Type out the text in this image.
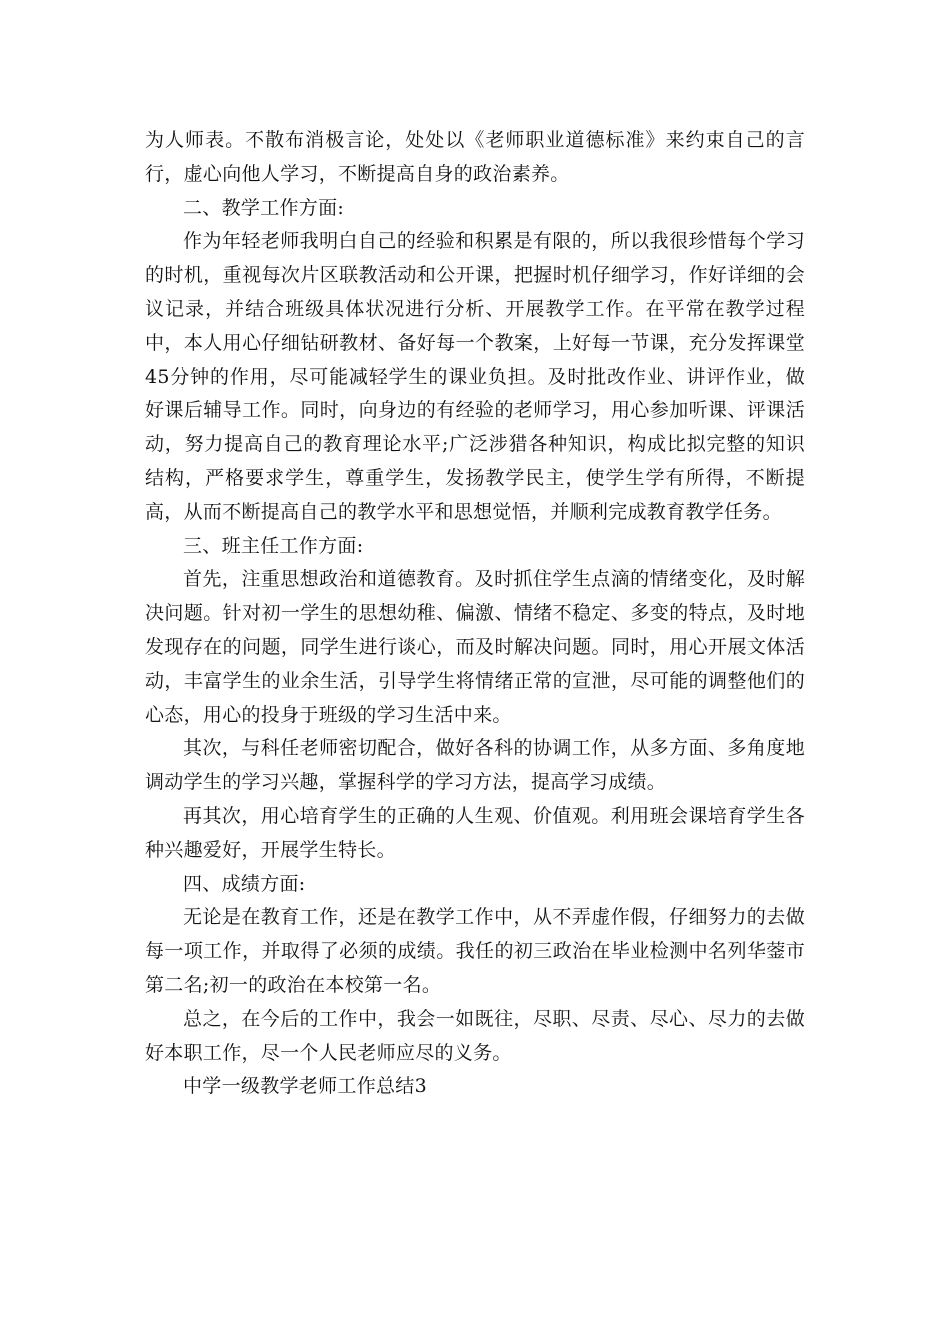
为人师表。不散布消极言论，处处以《老师职业道德标准》来约束自己的言行，虚心向他人学习，不断提高自身的政治素养。

二、教学工作方面:

作为年轻老师我明白自己的经验和积累是有限的，所以我很珍惜每个学习的时机，重视每次片区联教活动和公开课，把握时机仔细学习，作好详细的会议记录，并结合班级具体状况进行分析、开展教学工作。在平常在教学过程中，本人用心仔细钻研教材、备好每一个教案，上好每一节课，充分发挥课堂45分钟的作用，尽可能减轻学生的课业负担。及时批改作业、讲评作业，做好课后辅导工作。同时，向身边的有经验的老师学习，用心参加听课、评课活动，努力提高自己的教育理论水平;广泛涉猎各种知识，构成比拟完整的知识结构，严格要求学生，尊重学生，发扬教学民主，使学生学有所得，不断提高，从而不断提高自己的教学水平和思想觉悟，并顺利完成教育教学任务。

三、班主任工作方面:

首先，注重思想政治和道德教育。及时抓住学生点滴的情绪变化，及时解决问题。针对初一学生的思想幼稚、偏激、情绪不稳定、多变的特点，及时地发现存在的问题，同学生进行谈心，而及时解决问题。同时，用心开展文体活动，丰富学生的业余生活，引导学生将情绪正常的宣泄，尽可能的调整他们的心态，用心的投身于班级的学习生活中来。

其次，与科任老师密切配合，做好各科的协调工作，从多方面、多角度地调动学生的学习兴趣，掌握科学的学习方法，提高学习成绩。

再其次，用心培育学生的正确的人生观、价值观。利用班会课培育学生各种兴趣爱好，开展学生特长。

四、成绩方面:

无论是在教育工作，还是在教学工作中，从不弄虚作假，仔细努力的去做每一项工作，并取得了必须的成绩。我任的初三政治在毕业检测中名列华蓥市第二名;初一的政治在本校第一名。

总之，在今后的工作中，我会一如既往，尽职、尽责、尽心、尽力的去做好本职工作，尽一个人民老师应尽的义务。

中学一级教学老师工作总结3
